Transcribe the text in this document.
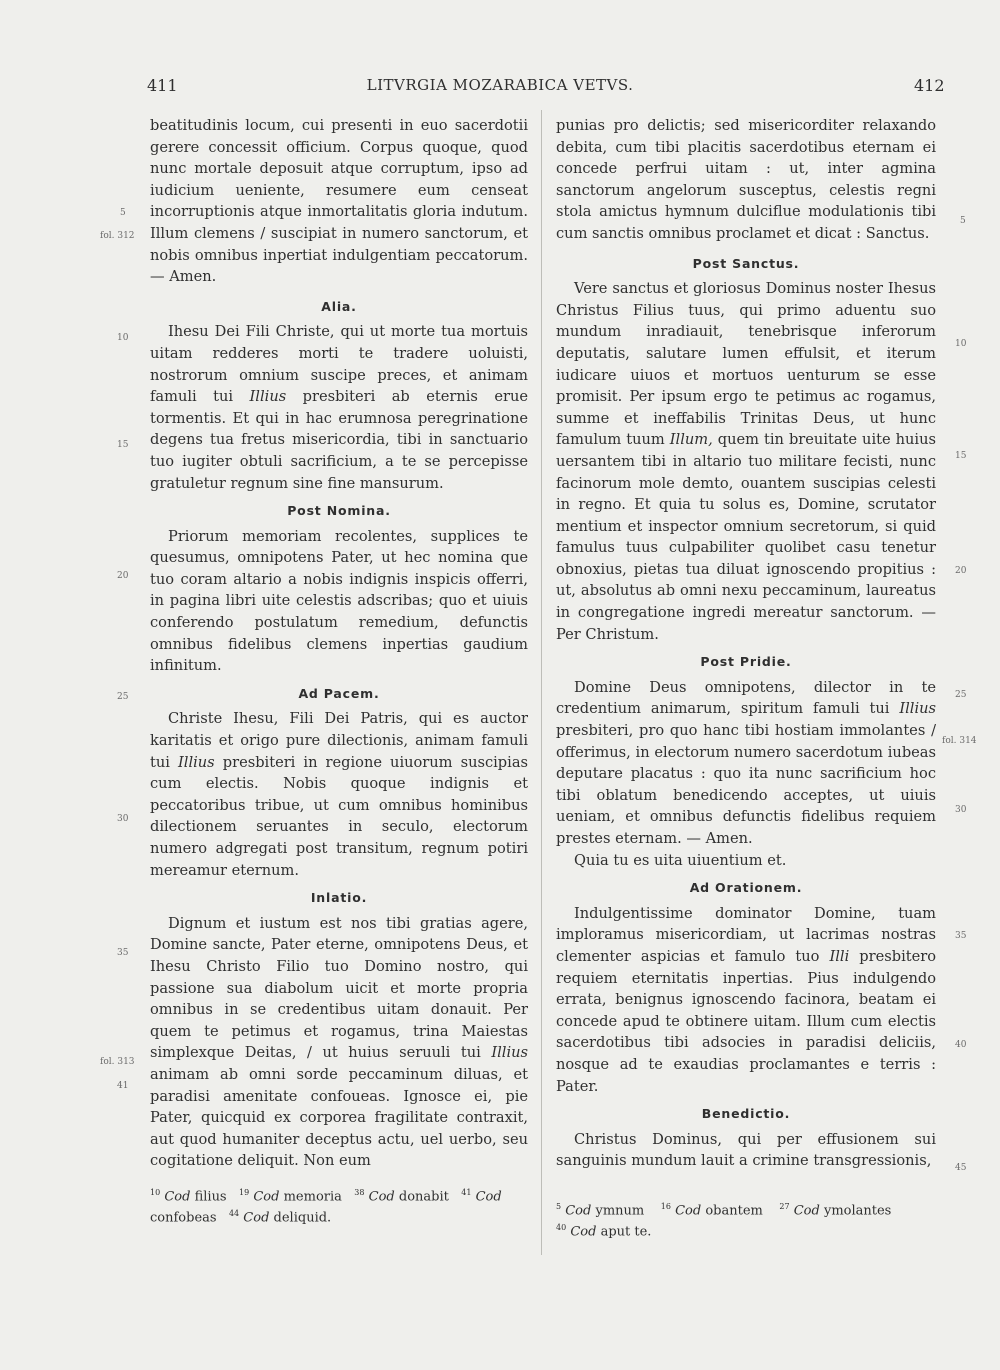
411	LITVRGIA MOZARABICA VETVS.	412

beatitudinis locum, cui presenti in euo sacerdotii gerere concessit officium. Corpus quoque, quod nunc mortale deposuit atque corruptum, ipso ad iudicium ueniente, resumere eum censeat incorruptionis atque inmortalitatis gloria indutum. Illum clemens / suscipiat in numero sanctorum, et nobis omnibus inpertiat indulgentiam peccatorum. — Amen.

Alia.

Ihesu Dei Fili Christe, qui ut morte tua mortuis uitam redderes morti te tradere uoluisti, nostrorum omnium suscipe preces, et animam famuli tui Illius presbiteri ab eternis erue tormentis. Et qui in hac erumnosa peregrinatione degens tua fretus misericordia, tibi in sanctuario tuo iugiter obtuli sacrificium, a te se percepisse gratuletur regnum sine fine mansurum.

Post Nomina.

Priorum memoriam recolentes, supplices te quesumus, omnipotens Pater, ut hec nomina que tuo coram altario a nobis indignis inspicis offerri, in pagina libri uite celestis adscribas; quo et uiuis conferendo postulatum remedium, defunctis omnibus fidelibus clemens inpertias gaudium infinitum.

Ad Pacem.

Christe Ihesu, Fili Dei Patris, qui es auctor karitatis et origo pure dilectionis, animam famuli tui Illius presbiteri in regione uiuorum suscipias cum electis. Nobis quoque indignis et peccatoribus tribue, ut cum omnibus hominibus dilectionem seruantes in seculo, electorum numero adgregati post transitum, regnum potiri mereamur eternum.

Inlatio.

Dignum et iustum est nos tibi gratias agere, Domine sancte, Pater eterne, omnipotens Deus, et Ihesu Christo Filio tuo Domino nostro, qui passione sua diabolum uicit et morte propria omnibus in se credentibus uitam donauit. Per quem te petimus et rogamus, trina Maiestas simplexque Deitas, / ut huius seruuli tui Illius animam ab omni sorde peccaminum diluas, et paradisi amenitate confoueas. Ignosce ei, pie Pater, quicquid ex corporea fragilitate contraxit, aut quod humaniter deceptus actu, uel uerbo, seu cogitatione deliquit. Non eum

$^{10}$ Cod filius $^{19}$ Cod memoria $^{38}$ Cod donabit $^{41}$ Cod
confobeas $^{44}$ Cod deliquid.
5
fol. 312
10
15
20
25
30
35
fol. 313
41

punias pro delictis; sed misericorditer relaxando debita, cum tibi placitis sacerdotibus eternam ei concede perfrui uitam : ut, inter agmina sanctorum angelorum susceptus, celestis regni stola amictus hymnum dulciflue modulationis tibi cum sanctis omnibus proclamet et dicat : Sanctus.

Post Sanctus.

Vere sanctus et gloriosus Dominus noster Ihesus Christus Filius tuus, qui primo aduentu suo mundum inradiauit, tenebrisque inferorum deputatis, salutare lumen effulsit, et iterum iudicare uiuos et mortuos uenturum se esse promisit. Per ipsum ergo te petimus ac rogamus, summe et ineffabilis Trinitas Deus, ut hunc famulum tuum Illum, quem tin breuitate uite huius uersantem tibi in altario tuo militare fecisti, nunc facinorum mole demto, ouantem suscipias celesti in regno. Et quia tu solus es, Domine, scrutator mentium et inspector omnium secretorum, si quid famulus tuus culpabiliter quolibet casu tenetur obnoxius, pietas tua diluat ignoscendo propitius : ut, absolutus ab omni nexu peccaminum, laureatus in congregatione ingredi mereatur sanctorum. — Per Christum.

Post Pridie.

Domine Deus omnipotens, dilector in te credentium animarum, spiritum famuli tui Illius presbiteri, pro quo hanc tibi hostiam immolantes / offerimus, in electorum numero sacerdotum iubeas deputare placatus : quo ita nunc sacrificium hoc tibi oblatum benedicendo acceptes, ut uiuis ueniam, et omnibus defunctis fidelibus requiem prestes eternam. — Amen.

Quia tu es uita uiuentium et.

Ad Orationem.

Indulgentissime dominator Domine, tuam imploramus misericordiam, ut lacrimas nostras clementer aspicias et famulo tuo Illi presbitero requiem eternitatis inpertias. Pius indulgendo errata, benignus ignoscendo facinora, beatam ei concede apud te obtinere uitam. Illum cum electis sacerdotibus tibi adsocies in paradisi deliciis, nosque ad te exaudias proclamantes e terris : Pater.

Benedictio.

Christus Dominus, qui per effusionem sui sanguinis mundum lauit a crimine transgressionis,

$^5$ Cod ymnum $^{16}$ Cod obantem $^{27}$ Cod ymolantes
$^{40}$ Cod aput te.
5
10
15
20
25
fol. 314
30
35
40
45
